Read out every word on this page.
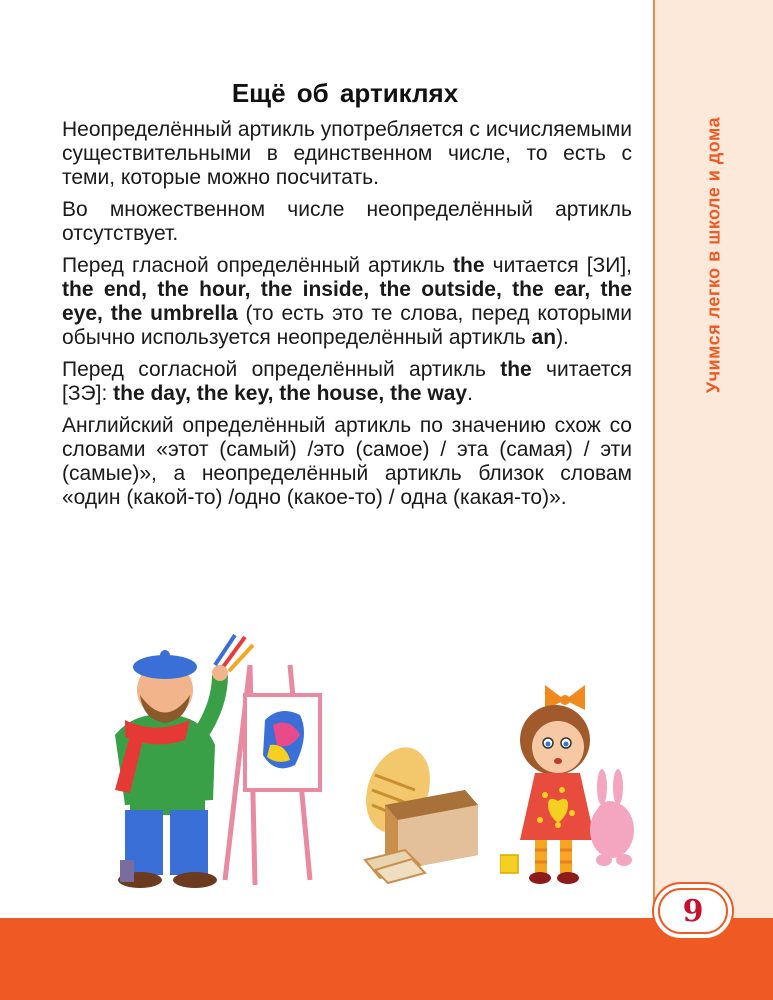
Учимся легко в школе и дома
Ещё об артиклях

Неопределённый артикль употребляется с исчисляемыми существительными в единственном числе, то есть с теми, которые можно посчитать.

Во множественном числе неопределённый артикль отсутствует.

Перед гласной определённый артикль the читается [ЗИ], the end, the hour, the inside, the outside, the ear, the eye, the umbrella (то есть это те слова, перед которыми обычно используется неопределённый артикль an).

Перед согласной определённый артикль the читается [ЗЭ]: the day, the key, the house, the way.

Английский определённый артикль по значению схож со словами «этот (самый) /это (самое) / эта (самая) / эти (самые)», а неопределённый артикль близок словам «один (какой-то) /одно (какое-то) / одна (какая-то)».

9
